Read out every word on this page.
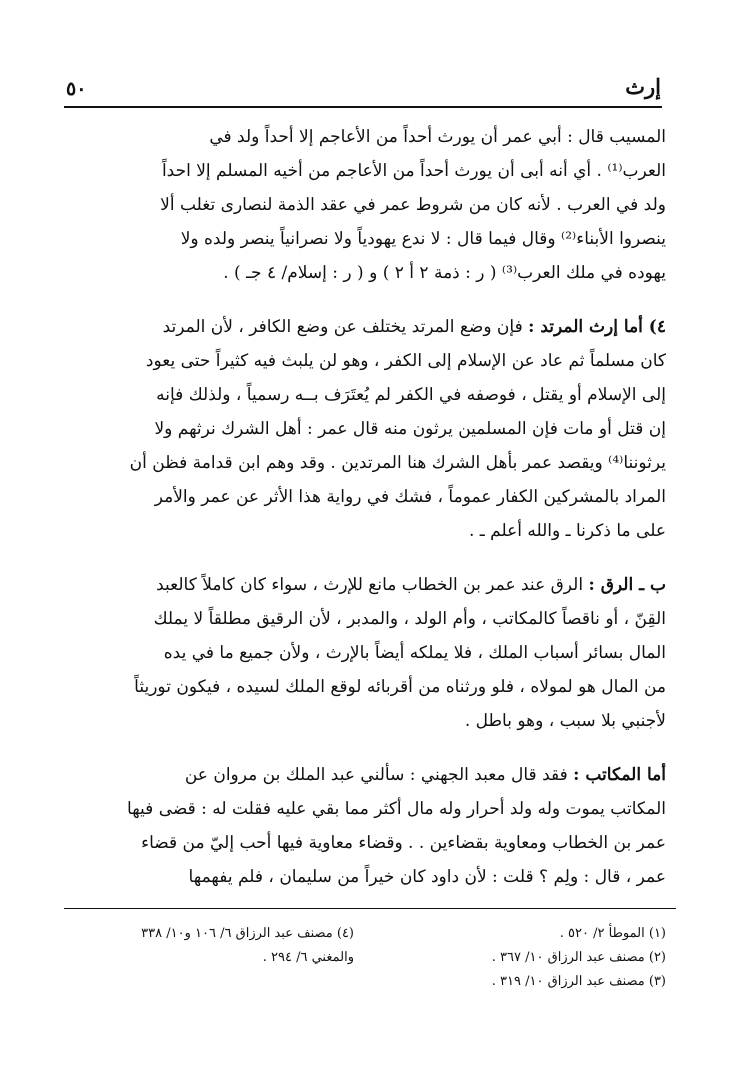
إرث
٥٠

المسيب قال : أبي عمر أن يورث أحداً من الأعاجم إلا أحداً ولد في

العرب⁽¹⁾ . أي أنه أبى أن يورث أحداً من الأعاجم من أخيه المسلم إلا احداً

ولد في العرب . لأنه كان من شروط عمر في عقد الذمة لنصارى تغلب ألا

ينصروا الأبناء⁽²⁾ وقال فيما قال : لا ندع يهودياً ولا نصرانياً ينصر ولده ولا

يهوده في ملك العرب⁽³⁾ ( ر : ذمة ٢ أ ٢ ) و ( ر : إسلام/ ٤ جـ ) .

٤) أما إرث المرتد : فإن وضع المرتد يختلف عن وضع الكافر ، لأن المرتد

كان مسلماً ثم عاد عن الإسلام إلى الكفر ، وهو لن يلبث فيه كثيراً حتى يعود

إلى الإسلام أو يقتل ، فوصفه في الكفر لم يُعتَرَف بــه رسمياً ، ولذلك فإنه

إن قتل أو مات فإن المسلمين يرثون منه قال عمر : أهل الشرك نرثهم ولا

يرثوننا⁽⁴⁾ ويقصد عمر بأهل الشرك هنا المرتدين . وقد وهم ابن قدامة فظن أن

المراد بالمشركين الكفار عموماً ، فشك في رواية هذا الأثر عن عمر والأمر

على ما ذكرنا ـ والله أعلم ـ .

ب ـ الرق : الرق عند عمر بن الخطاب مانع للإرث ، سواء كان كاملاً كالعبد

القِنّ ، أو ناقصاً كالمكاتب ، وأم الولد ، والمدبر ، لأن الرقيق مطلقاً لا يملك

المال بسائر أسباب الملك ، فلا يملكه أيضاً بالإرث ، ولأن جميع ما في يده

من المال هو لمولاه ، فلو ورثناه من أقربائه لوقع الملك لسيده ، فيكون توريثاً

لأجنبي بلا سبب ، وهو باطل .

أما المكاتب : فقد قال معبد الجهني : سألني عبد الملك بن مروان عن

المكاتب يموت وله ولد أحرار وله مال أكثر مما بقي عليه فقلت له : قضى فيها

عمر بن الخطاب ومعاوية بقضاءين . . وقضاء معاوية فيها أحب إليّ من قضاء

عمر ، قال : ولِم ؟ قلت : لأن داود كان خيراً من سليمان ، فلم يفهمها

(١) الموطأ ٢/ ٥٢٠ .
(٢) مصنف عبد الرزاق ١٠/ ٣٦٧ .
(٣) مصنف عبد الرزاق ١٠/ ٣١٩ .
(٤) مصنف عبد الرزاق ٦/ ١٠٦ و١٠/ ٣٣٨
والمغني ٦/ ٢٩٤ .
